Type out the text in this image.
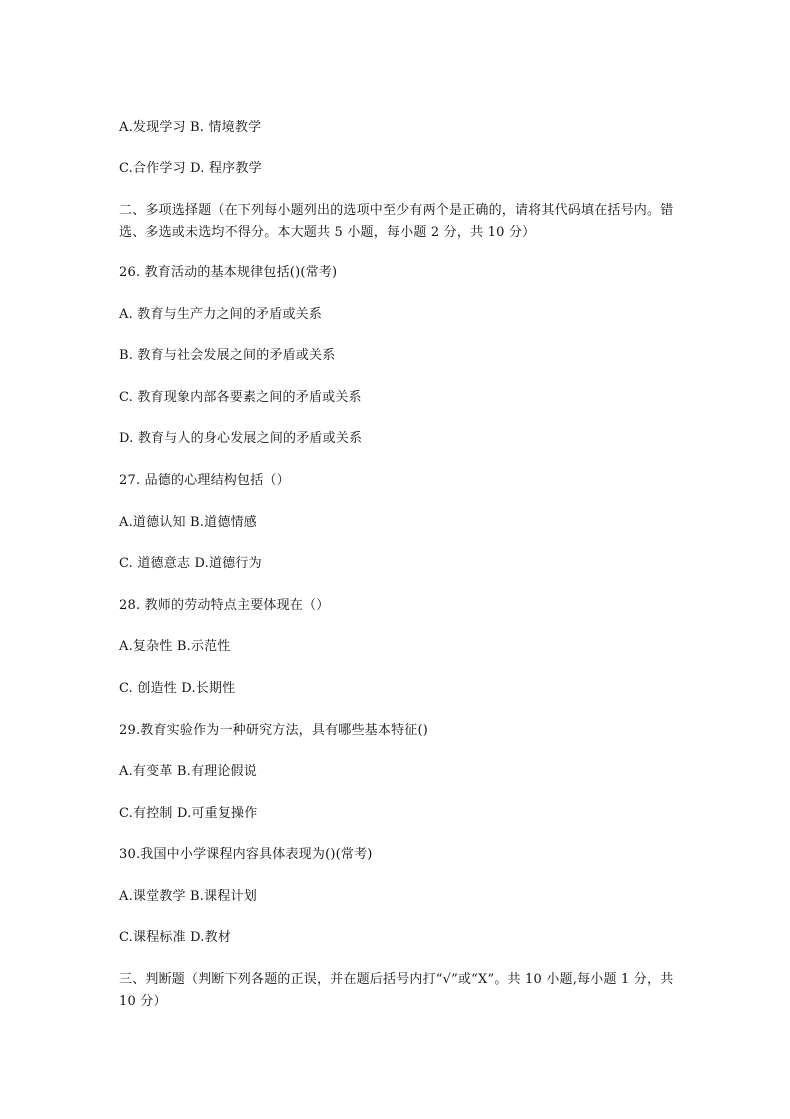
A.发现学习 B. 情境教学
C.合作学习 D. 程序教学
二、多项选择题（在下列每小题列出的选项中至少有两个是正确的，请将其代码填在括号内。错选、多选或未选均不得分。本大题共 5 小题，每小题 2 分，共 10 分）
26. 教育活动的基本规律包括()(常考)
A. 教育与生产力之间的矛盾或关系
B. 教育与社会发展之间的矛盾或关系
C. 教育现象内部各要素之间的矛盾或关系
D. 教育与人的身心发展之间的矛盾或关系
27. 品德的心理结构包括（）
A.道德认知 B.道德情感
C. 道德意志 D.道德行为
28. 教师的劳动特点主要体现在（）
A.复杂性 B.示范性
C. 创造性 D.长期性
29.教育实验作为一种研究方法，具有哪些基本特征()
A.有变革 B.有理论假说
C.有控制 D.可重复操作
30.我国中小学课程内容具体表现为()(常考)
A.课堂教学 B.课程计划
C.课程标准 D.教材
三、判断题（判断下列各题的正误，并在题后括号内打“√”或“X”。共 10 小题,每小题 1 分，共 10 分）
